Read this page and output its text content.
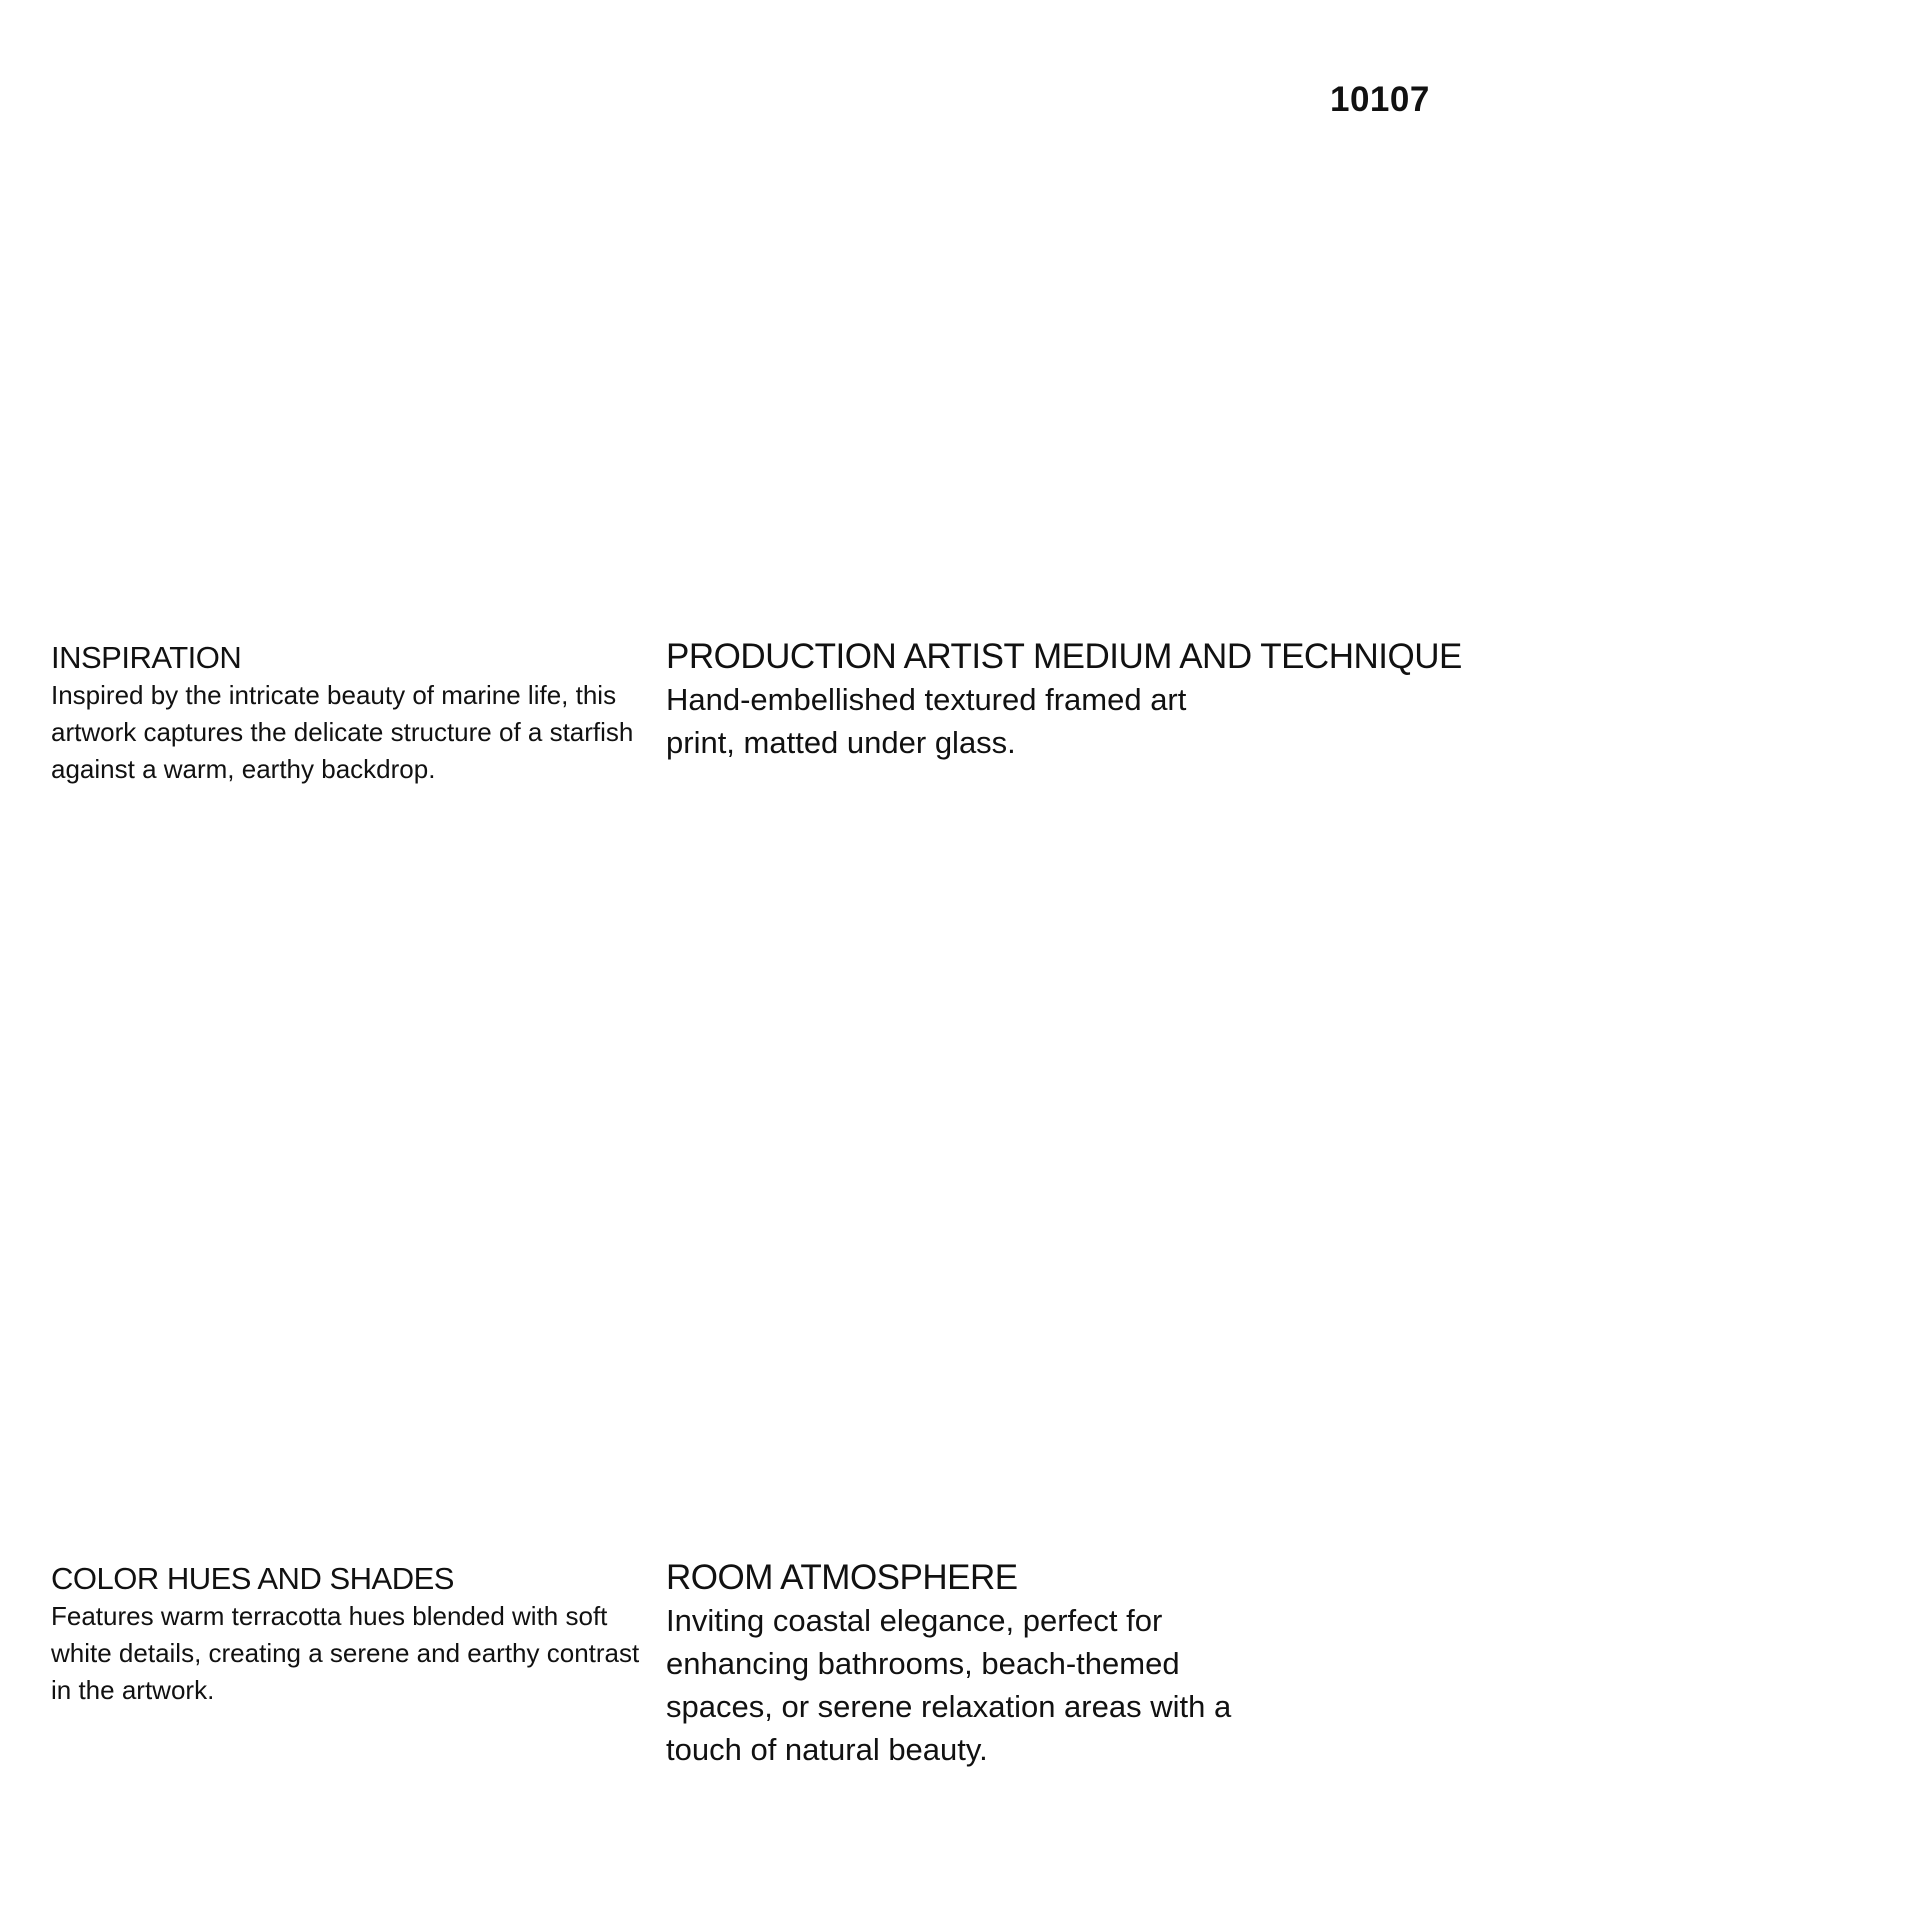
10107
INSPIRATION

Inspired by the intricate beauty of marine life, this artwork captures the delicate structure of a starfish against a warm, earthy backdrop.

PRODUCTION ARTIST MEDIUM AND TECHNIQUE

Hand-embellished textured framed art print, matted under glass.

COLOR HUES AND SHADES

Features warm terracotta hues blended with soft white details, creating a serene and earthy contrast in the artwork.

ROOM ATMOSPHERE

Inviting coastal elegance, perfect for enhancing bathrooms, beach-themed spaces, or serene relaxation areas with a touch of natural beauty.
